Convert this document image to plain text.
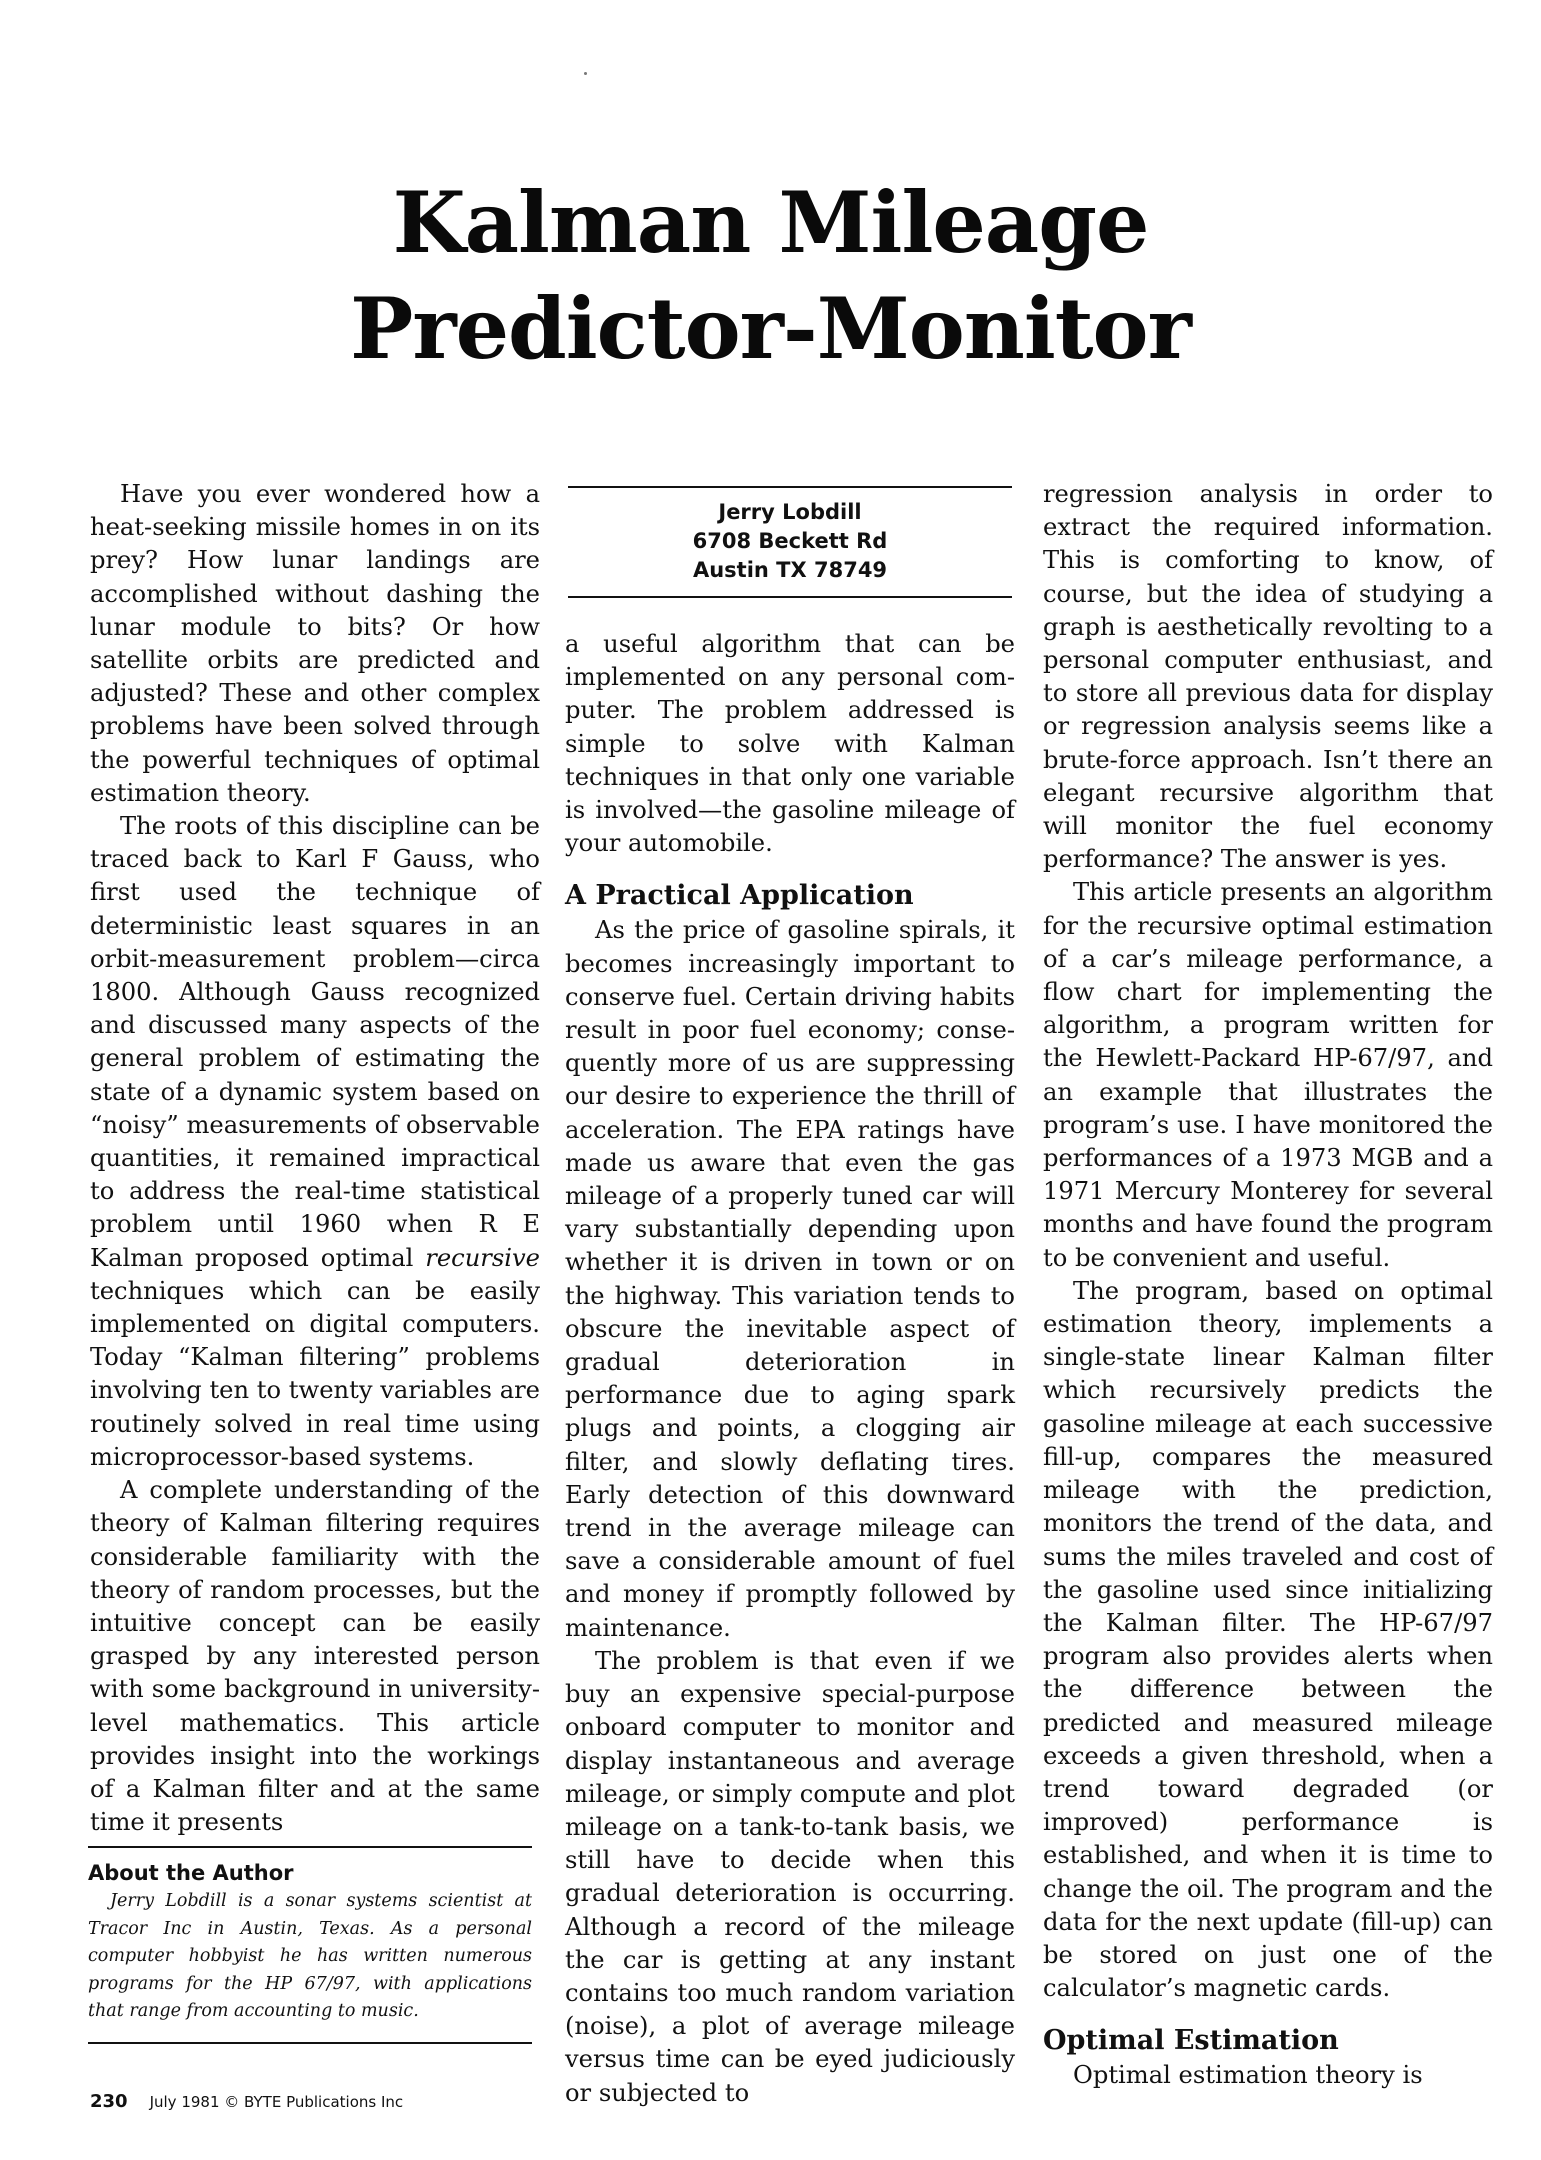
Kalman Mileage
Predictor-Monitor

Have you ever wondered how a heat-seeking missile homes in on its prey? How lunar landings are accomplished without dashing the lunar module to bits? Or how satellite orbits are predicted and adjusted? These and other complex problems have been solved through the powerful techniques of optimal estimation theory.

The roots of this discipline can be traced back to Karl F Gauss, who first used the technique of deterministic least squares in an orbit-measurement problem—circa 1800. Although Gauss recognized and discussed many aspects of the general problem of estimating the state of a dynamic system based on “noisy” measurements of observable quantities, it remained impractical to address the real-time statistical problem until 1960 when R E Kalman proposed optimal recursive techniques which can be easily implemented on digital computers. Today “Kalman filtering” problems involving ten to twenty variables are routinely solved in real time using microprocessor-based systems.

A complete understanding of the theory of Kalman filtering requires considerable familiarity with the theory of random processes, but the intuitive concept can be easily grasped by any interested person with some background in university-level mathematics. This article provides insight into the workings of a Kalman filter and at the same time it presents

Jerry Lobdill
6708 Beckett Rd
Austin TX 78749

a useful algorithm that can be implemented on any personal computer. The problem addressed is simple to solve with Kalman techniques in that only one variable is involved—the gasoline mileage of your automobile.

A Practical Application

As the price of gasoline spirals, it becomes increasingly important to conserve fuel. Certain driving habits result in poor fuel economy; consequently more of us are suppressing our desire to experience the thrill of acceleration. The EPA ratings have made us aware that even the gas mileage of a properly tuned car will vary substantially depending upon whether it is driven in town or on the highway. This variation tends to obscure the inevitable aspect of gradual deterioration in performance due to aging spark plugs and points, a clogging air filter, and slowly deflating tires. Early detection of this downward trend in the average mileage can save a considerable amount of fuel and money if promptly followed by maintenance.

The problem is that even if we buy an expensive special-purpose onboard computer to monitor and display instantaneous and average mileage, or simply compute and plot mileage on a tank-to-tank basis, we still have to decide when this gradual deterioration is occurring. Although a record of the mileage the car is getting at any instant contains too much random variation (noise), a plot of average mileage versus time can be eyed judiciously or subjected to

regression analysis in order to extract the required information. This is comforting to know, of course, but the idea of studying a graph is aesthetically revolting to a personal computer enthusiast, and to store all previous data for display or regression analysis seems like a brute-force approach. Isn’t there an elegant recursive algorithm that will monitor the fuel economy performance? The answer is yes.

This article presents an algorithm for the recursive optimal estimation of a car’s mileage performance, a flow chart for implementing the algorithm, a program written for the Hewlett-Packard HP-67/97, and an example that illustrates the program’s use. I have monitored the performances of a 1973 MGB and a 1971 Mercury Monterey for several months and have found the program to be convenient and useful.

The program, based on optimal estimation theory, implements a single-state linear Kalman filter which recursively predicts the gasoline mileage at each successive fill-up, compares the measured mileage with the prediction, monitors the trend of the data, and sums the miles traveled and cost of the gasoline used since initializing the Kalman filter. The HP-67/97 program also provides alerts when the difference between the predicted and measured mileage exceeds a given threshold, when a trend toward degraded (or improved) performance is established, and when it is time to change the oil. The program and the data for the next update (fill-up) can be stored on just one of the calculator’s magnetic cards.

Optimal Estimation

Optimal estimation theory is

About the Author

Jerry Lobdill is a sonar systems scientist at Tracor Inc in Austin, Texas. As a personal computer hobbyist he has written numerous programs for the HP 67/97, with applications that range from accounting to music.

230 July 1981 © BYTE Publications Inc
